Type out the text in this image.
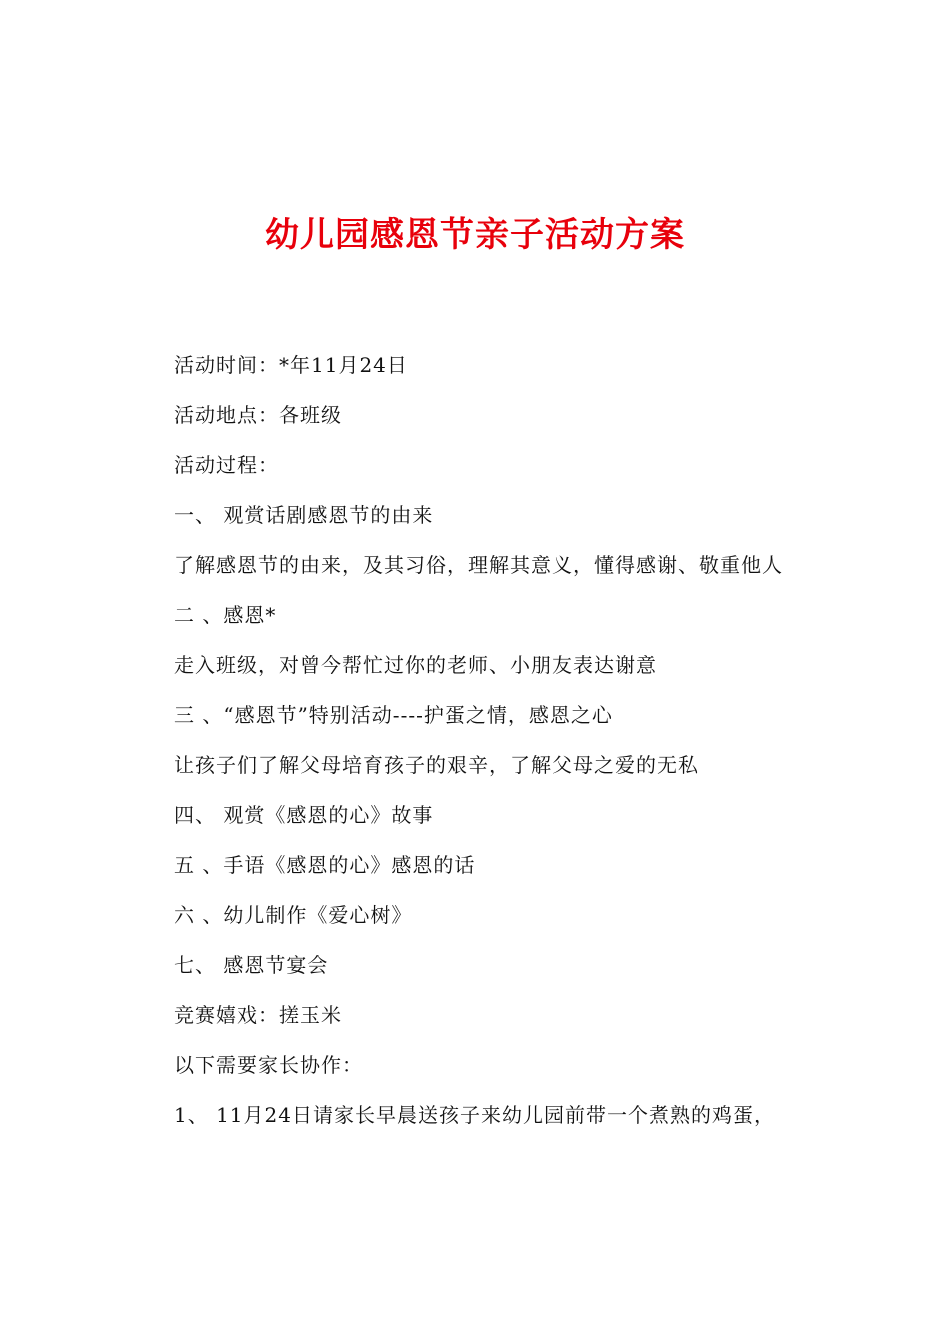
幼儿园感恩节亲子活动方案
活动时间：*年11月24日
活动地点：各班级
活动过程：
一、 观赏话剧感恩节的由来
了解感恩节的由来，及其习俗，理解其意义，懂得感谢、敬重他人
二 、感恩*
走入班级，对曾今帮忙过你的老师、小朋友表达谢意
三 、“感恩节”特别活动----护蛋之情，感恩之心
让孩子们了解父母培育孩子的艰辛，了解父母之爱的无私
四、 观赏《感恩的心》故事
五 、手语《感恩的心》感恩的话
六 、幼儿制作《爱心树》
七、 感恩节宴会
竞赛嬉戏：搓玉米
以下需要家长协作：
1、 11月24日请家长早晨送孩子来幼儿园前带一个煮熟的鸡蛋，
